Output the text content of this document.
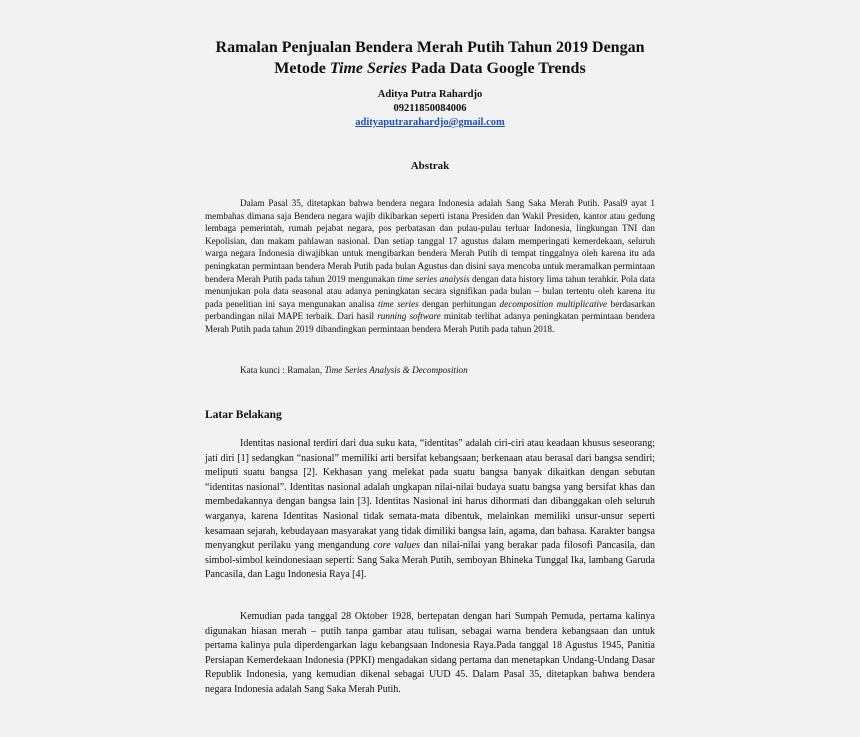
Ramalan Penjualan Bendera Merah Putih Tahun 2019 Dengan
Metode Time Series Pada Data Google Trends
Aditya Putra Rahardjo
09211850084006
adityaputrarahardjo@gmail.com
Abstrak
Dalam Pasal 35, ditetapkan bahwa bendera negara Indonesia adalah Sang Saka Merah Putih. Pasal9 ayat 1 membahas dimana saja Bendera negara wajib dikibarkan seperti istana Presiden dan Wakil Presiden, kantor atau gedung lembaga pemerintah, rumah pejabat negara, pos perbatasan dan pulau-pulau terluar Indonesia, lingkungan TNI dan Kepolisian, dan makam pahlawan nasional. Dan setiap tanggal 17 agustus dalam memperingati kemerdekaan, seluruh warga negara Indonesia diwajibkan untuk mengibarkan bendera Merah Putih di tempat tinggalnya oleh karena itu ada peningkatan permintaan bendera Merah Putih pada bulan Agustus dan disini saya mencoba untuk meramalkan permintaan bendera Merah Putih pada tahun 2019 mengunakan time series analysis dengan data history lima tahun terahkir. Pola data menunjukan pola data seasonal atau adanya peningkatan secara signifikan pada bulan – bulan tertentu oleh karena itu pada penelitian ini saya mengunakan analisa time series dengan perhitungan decomposition multiplicative berdasarkan perbandingan nilai MAPE terbaik. Dari hasil running software minitab terlihat adanya peningkatan permintaan bendera Merah Putih pada tahun 2019 dibandingkan permintaan bendera Merah Putih pada tahun 2018.
Kata kunci : Ramalan, Time Series Analysis & Decomposition
Latar Belakang
Identitas nasional terdiri dari dua suku kata, “identitas” adalah ciri-ciri atau keadaan khusus seseorang; jati diri [1] sedangkan “nasional” memiliki arti bersifat kebangsaan; berkenaan atau berasal dari bangsa sendiri; meliputi suatu bangsa [2]. Kekhasan yang melekat pada suatu bangsa banyak dikaitkan dengan sebutan “identitas nasional”. Identitas nasional adalah ungkapan nilai-nilai budaya suatu bangsa yang bersifat khas dan membedakannya dengan bangsa lain [3]. Identitas Nasional ini harus dihormati dan dibanggakan oleh seluruh warganya, karena Identitas Nasional tidak semata-mata dibentuk, melainkan memiliki unsur-unsur seperti kesamaan sejarah, kebudayaan masyarakat yang tidak dimiliki bangsa lain, agama, dan bahasa. Karakter bangsa menyangkut perilaku yang mengandung core values dan nilai-nilai yang berakar pada filosofi Pancasila, dan simbol-simbol keindonesiaan seperti: Sang Saka Merah Putih, semboyan Bhineka Tunggal Ika, lambang Garuda Pancasila, dan Lagu Indonesia Raya [4].
Kemudian pada tanggal 28 Oktober 1928, bertepatan dengan hari Sumpah Pemuda, pertama kalinya digunakan hiasan merah – putih tanpa gambar atau tulisan, sebagai warna bendera kebangsaan dan untuk pertama kalinya pula diperdengarkan lagu kebangsaan Indonesia Raya.Pada tanggal 18 Agustus 1945, Panitia Persiapan Kemerdekaan Indonesia (PPKI) mengadakan sidang pertama dan menetapkan Undang-Undang Dasar Republik Indonesia, yang kemudian dikenal sebagai UUD 45. Dalam Pasal 35, ditetapkan bahwa bendera negara Indonesia adalah Sang Saka Merah Putih.
